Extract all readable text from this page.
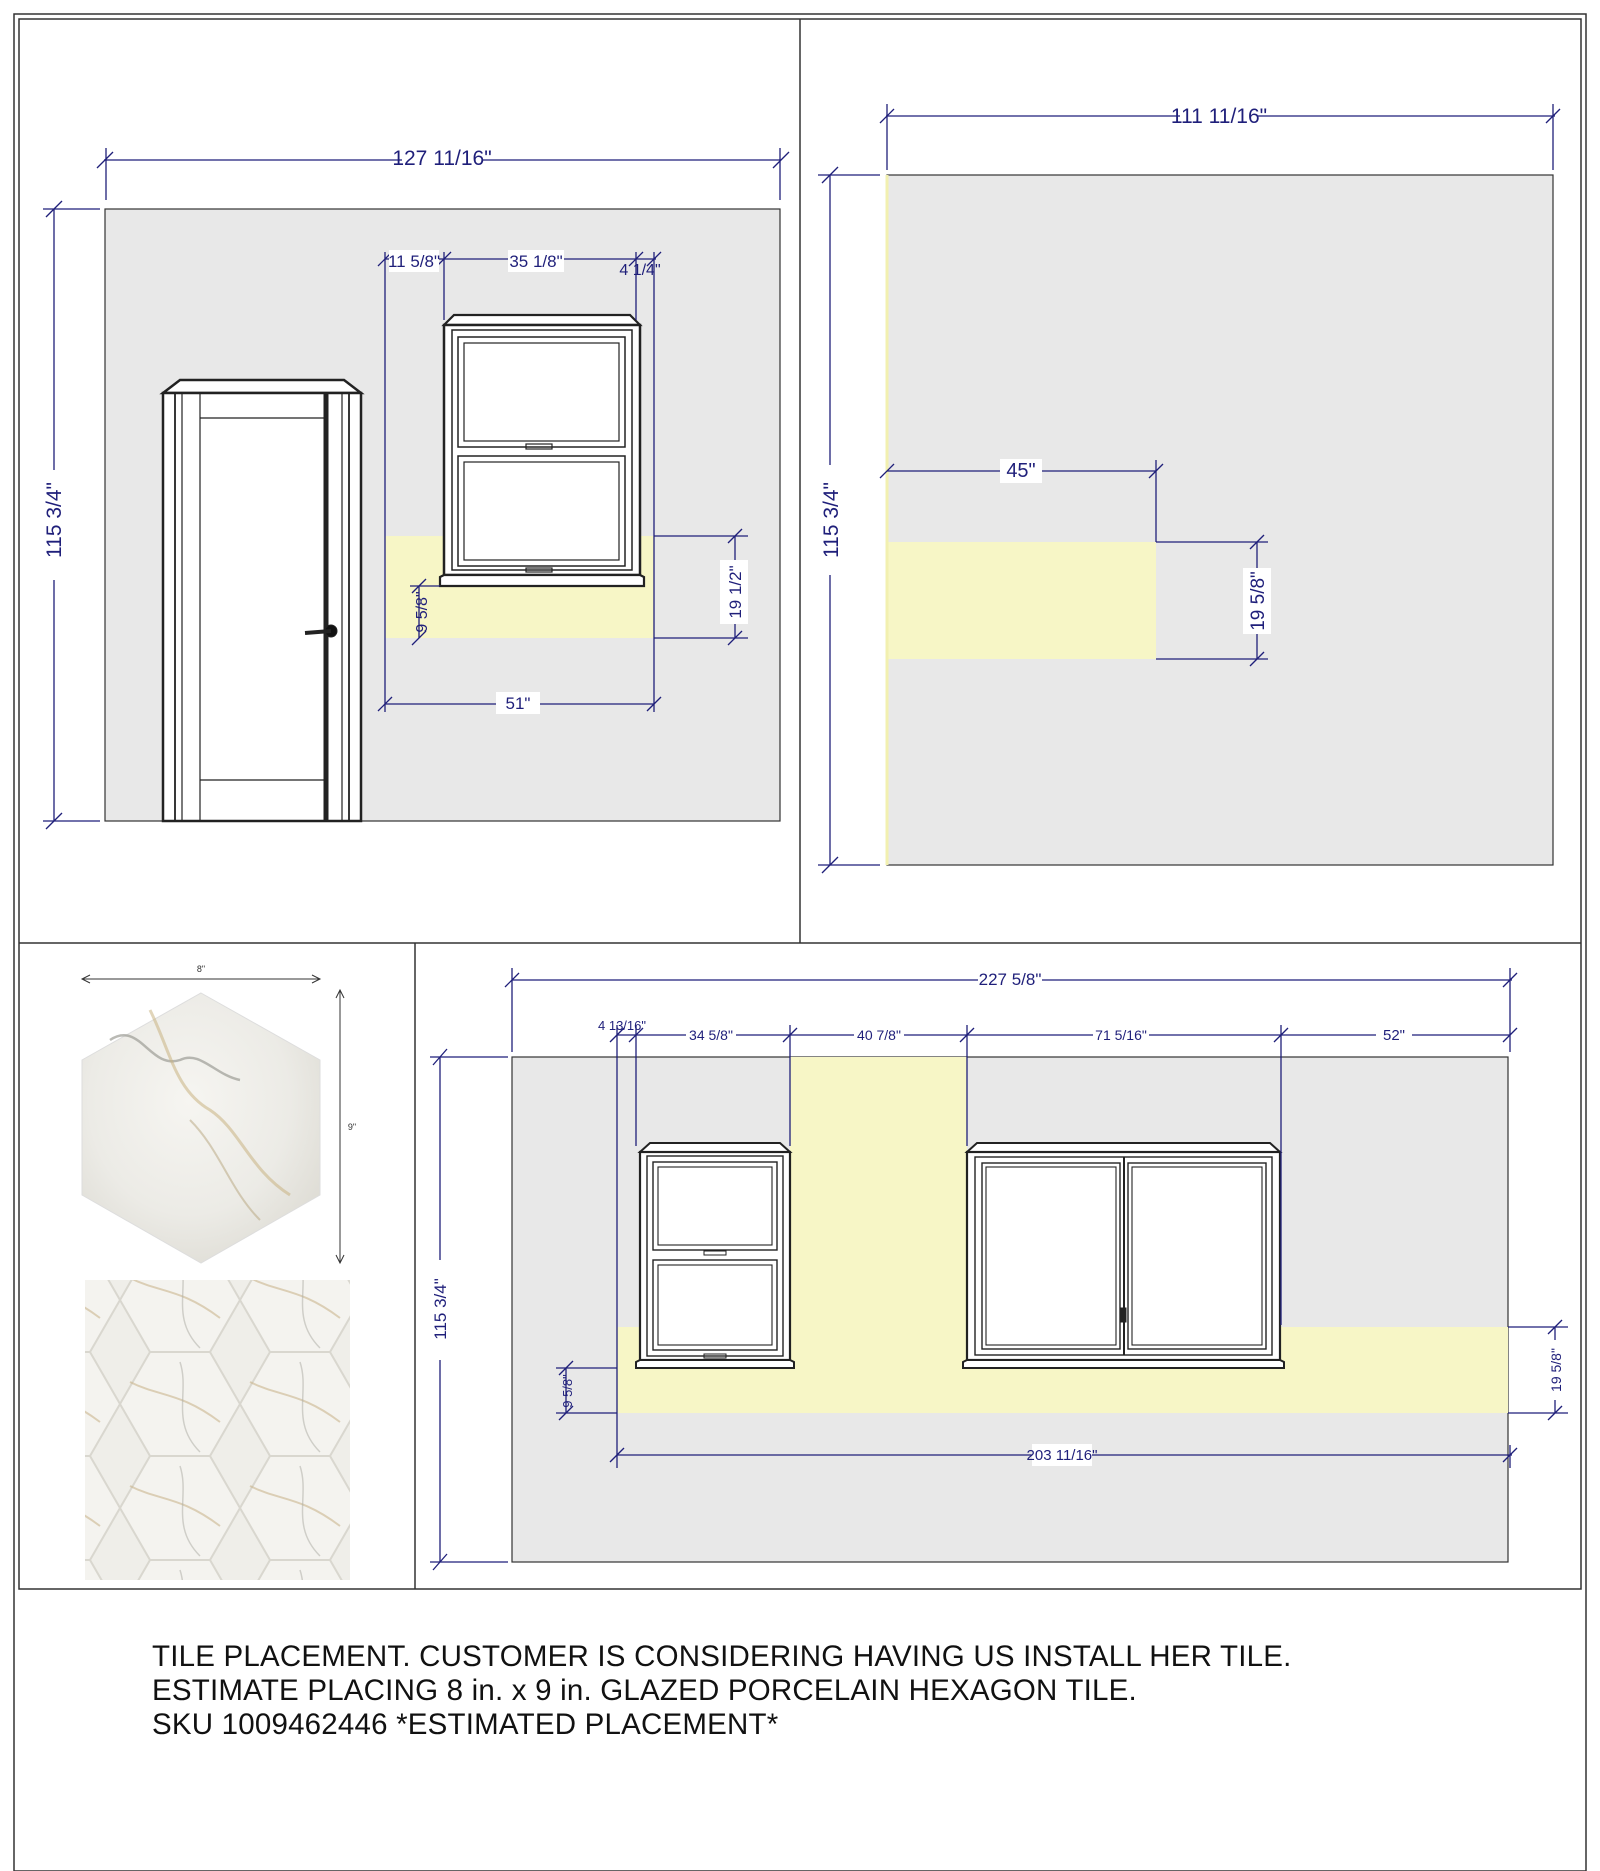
127 11/16"
115 3/4"
11 5/8"	35 1/8"	4 1/4"
19 1/2"
9 5/8"
51"
111 11/16"
115 3/4"
45"
19 5/8"
8"
9"
227 5/8"
115 3/4"
4 13/16"
34 5/8"	40 7/8"	71 5/16"	52"
9 5/8"	19 5/8"
203 11/16"
TILE PLACEMENT. CUSTOMER IS CONSIDERING HAVING US INSTALL HER TILE.
ESTIMATE PLACING 8 in. x 9 in. GLAZED PORCELAIN HEXAGON TILE.
SKU 1009462446 *ESTIMATED PLACEMENT*
